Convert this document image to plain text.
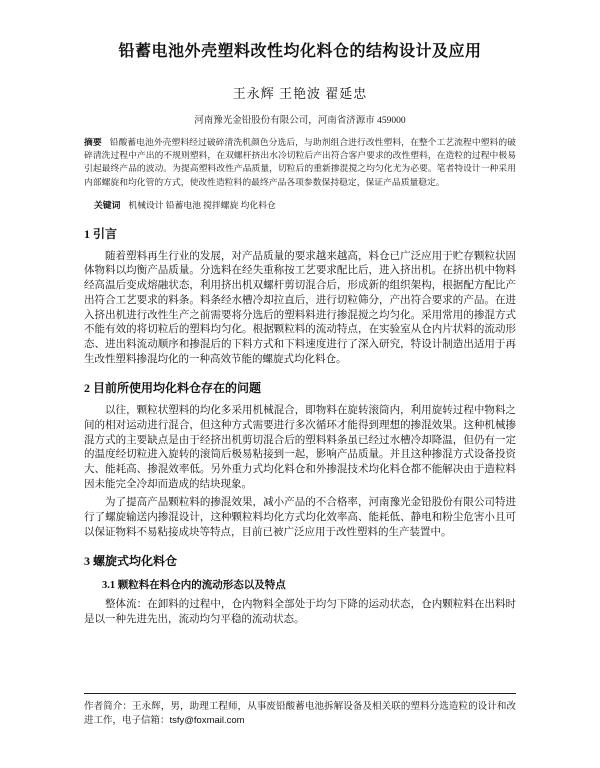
铅蓄电池外壳塑料改性均化料仓的结构设计及应用
王永辉 王艳波 翟延忠
河南豫光金铅股份有限公司，河南省济源市 459000

摘要 铅酸蓄电池外壳塑料经过破碎清洗机颜色分选后，与助剂组合进行改性塑料，在整个工艺流程中塑料的破碎清洗过程中产出的不规则塑料，在双螺杆挤出水冷切粒后产出符合客户要求的改性塑料，在造粒的过程中极易引起最终产品的波动。为提高塑料改性产品质量，切粒后的重新掺混搅之均匀化尤为必要。笔者特设计一种采用内部螺旋和均化管的方式，使改性造粒料的最终产品各项参数保持稳定，保证产品质量稳定。

关键词 机械设计 铅蓄电池 搅拌螺旋 均化料仓

1 引言

随着塑料再生行业的发展，对产品质量的要求越来越高，料仓已广泛应用于贮存颗粒状固体物料以均衡产品质量。分选料在经失重称按工艺要求配比后，进入挤出机。在挤出机中物料经高温后变成熔融状态，利用挤出机双螺杆剪切混合后，形成新的组织架构，根据配方配比产出符合工艺要求的料条。料条经水槽冷却拉直后，进行切粒筛分，产出符合要求的产品。在进入挤出机进行改性生产之前需要将分选后的塑料料进行掺混搅之均匀化。采用常用的掺混方式不能有效的将切粒后的塑料均匀化。根据颗粒料的流动特点，在实验室从仓内片状料的流动形态、进出料流动顺序和掺混后的下料方式和下料速度进行了深入研究，特设计制造出适用于再生改性塑料掺混均化的一种高效节能的螺旋式均化料仓。

2 目前所使用均化料仓存在的问题

以往，颗粒状塑料的均化多采用机械混合，即物料在旋转滚筒内，利用旋转过程中物料之间的相对运动进行混合，但这种方式需要进行多次循环才能得到理想的掺混效果。这种机械掺混方式的主要缺点是由于经挤出机剪切混合后的塑料料条虽已经过水槽冷却降温，但仍有一定的温度经切粒进入旋转的滚筒后极易粘接到一起，影响产品质量。并且这种掺混方式设备投资大、能耗高、掺混效率低。另外重力式均化料仓和外掺混技术均化料仓都不能解决由于造粒料因未能完全冷却而造成的结块现象。

为了提高产品颗粒料的掺混效果，减小产品的不合格率，河南豫光金铅股份有限公司特进行了螺旋输送内掺混设计，这种颗粒料均化方式均化效率高、能耗低、静电和粉尘危害小且可以保证物料不易粘接成块等特点，目前已被广泛应用于改性塑料的生产装置中。

3 螺旋式均化料仓
3.1 颗粒料在料仓内的流动形态以及特点

整体流：在卸料的过程中，仓内物料全部处于均匀下降的运动状态，仓内颗粒料在出料时是以一种先进先出，流动均匀平稳的流动状态。

作者简介：王永辉，男，助理工程师，从事废铅酸蓄电池拆解设备及相关联的塑料分选造粒的设计和改进工作，电子信箱：tsfy@foxmail.com
